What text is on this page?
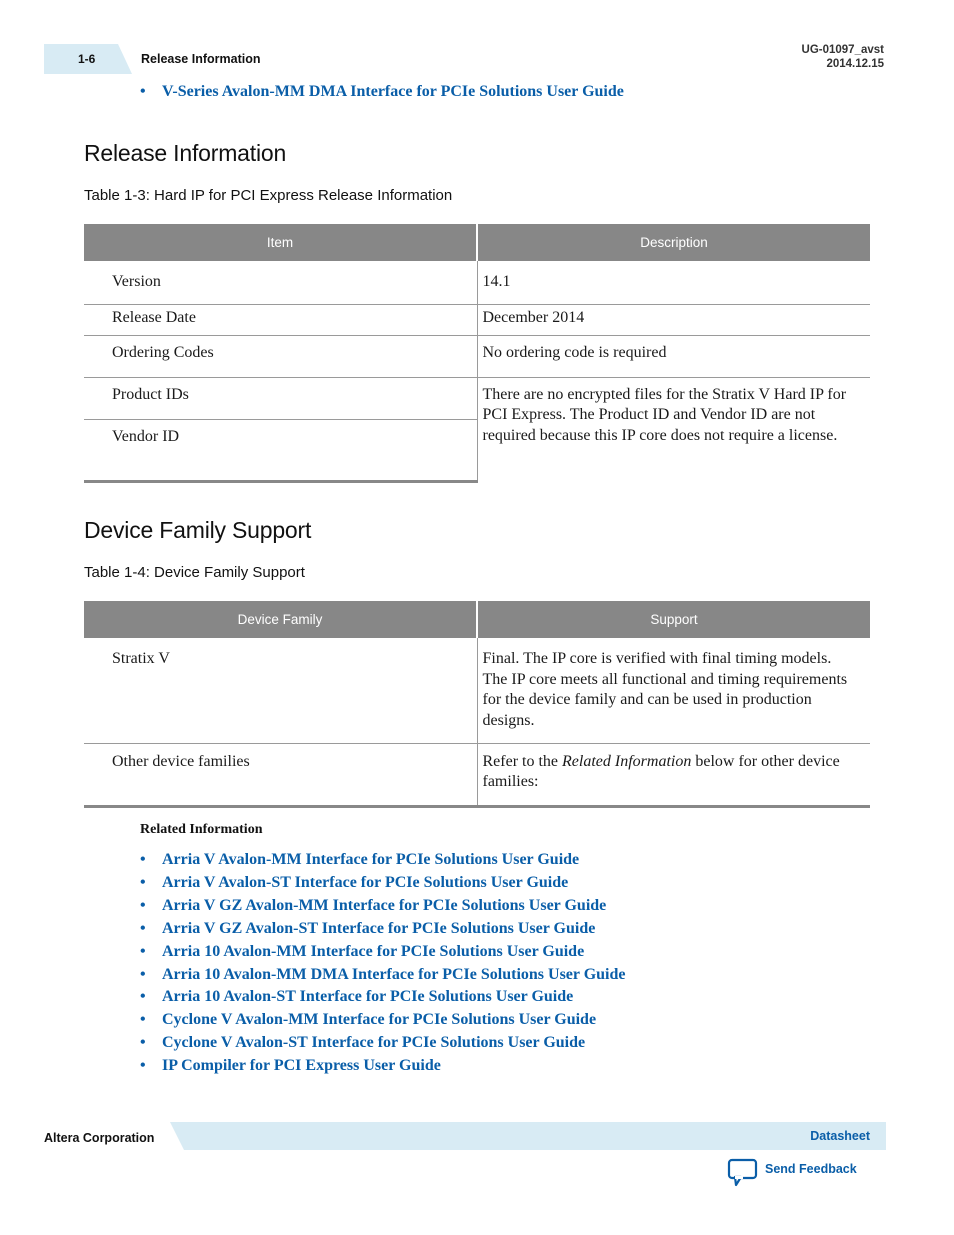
1-6	Release Information
UG-01097_avst
2014.12.15
• V-Series Avalon-MM DMA Interface for PCIe Solutions User Guide
Release Information
Table 1-3: Hard IP for PCI Express Release Information
Item	Description
Version	14.1
Release Date	December 2014
Ordering Codes	No ordering code is required
Product IDs	There are no encrypted files for the Stratix V Hard IP for PCI Express. The Product ID and Vendor ID are not required because this IP core does not require a license.
Vendor ID	
Device Family Support
Table 1-4: Device Family Support
Device Family	Support
Stratix V	Final. The IP core is verified with final timing models. The IP core meets all functional and timing requirements for the device family and can be used in production designs.
Other device families	Refer to the Related Information below for other device families:
Related Information
• Arria V Avalon-MM Interface for PCIe Solutions User Guide
• Arria V Avalon-ST Interface for PCIe Solutions User Guide
• Arria V GZ Avalon-MM Interface for PCIe Solutions User Guide
• Arria V GZ Avalon-ST Interface for PCIe Solutions User Guide
• Arria 10 Avalon-MM Interface for PCIe Solutions User Guide
• Arria 10 Avalon-MM DMA Interface for PCIe Solutions User Guide
• Arria 10 Avalon-ST Interface for PCIe Solutions User Guide
• Cyclone V Avalon-MM Interface for PCIe Solutions User Guide
• Cyclone V Avalon-ST Interface for PCIe Solutions User Guide
• IP Compiler for PCI Express User Guide
Altera Corporation	Datasheet
Send Feedback
